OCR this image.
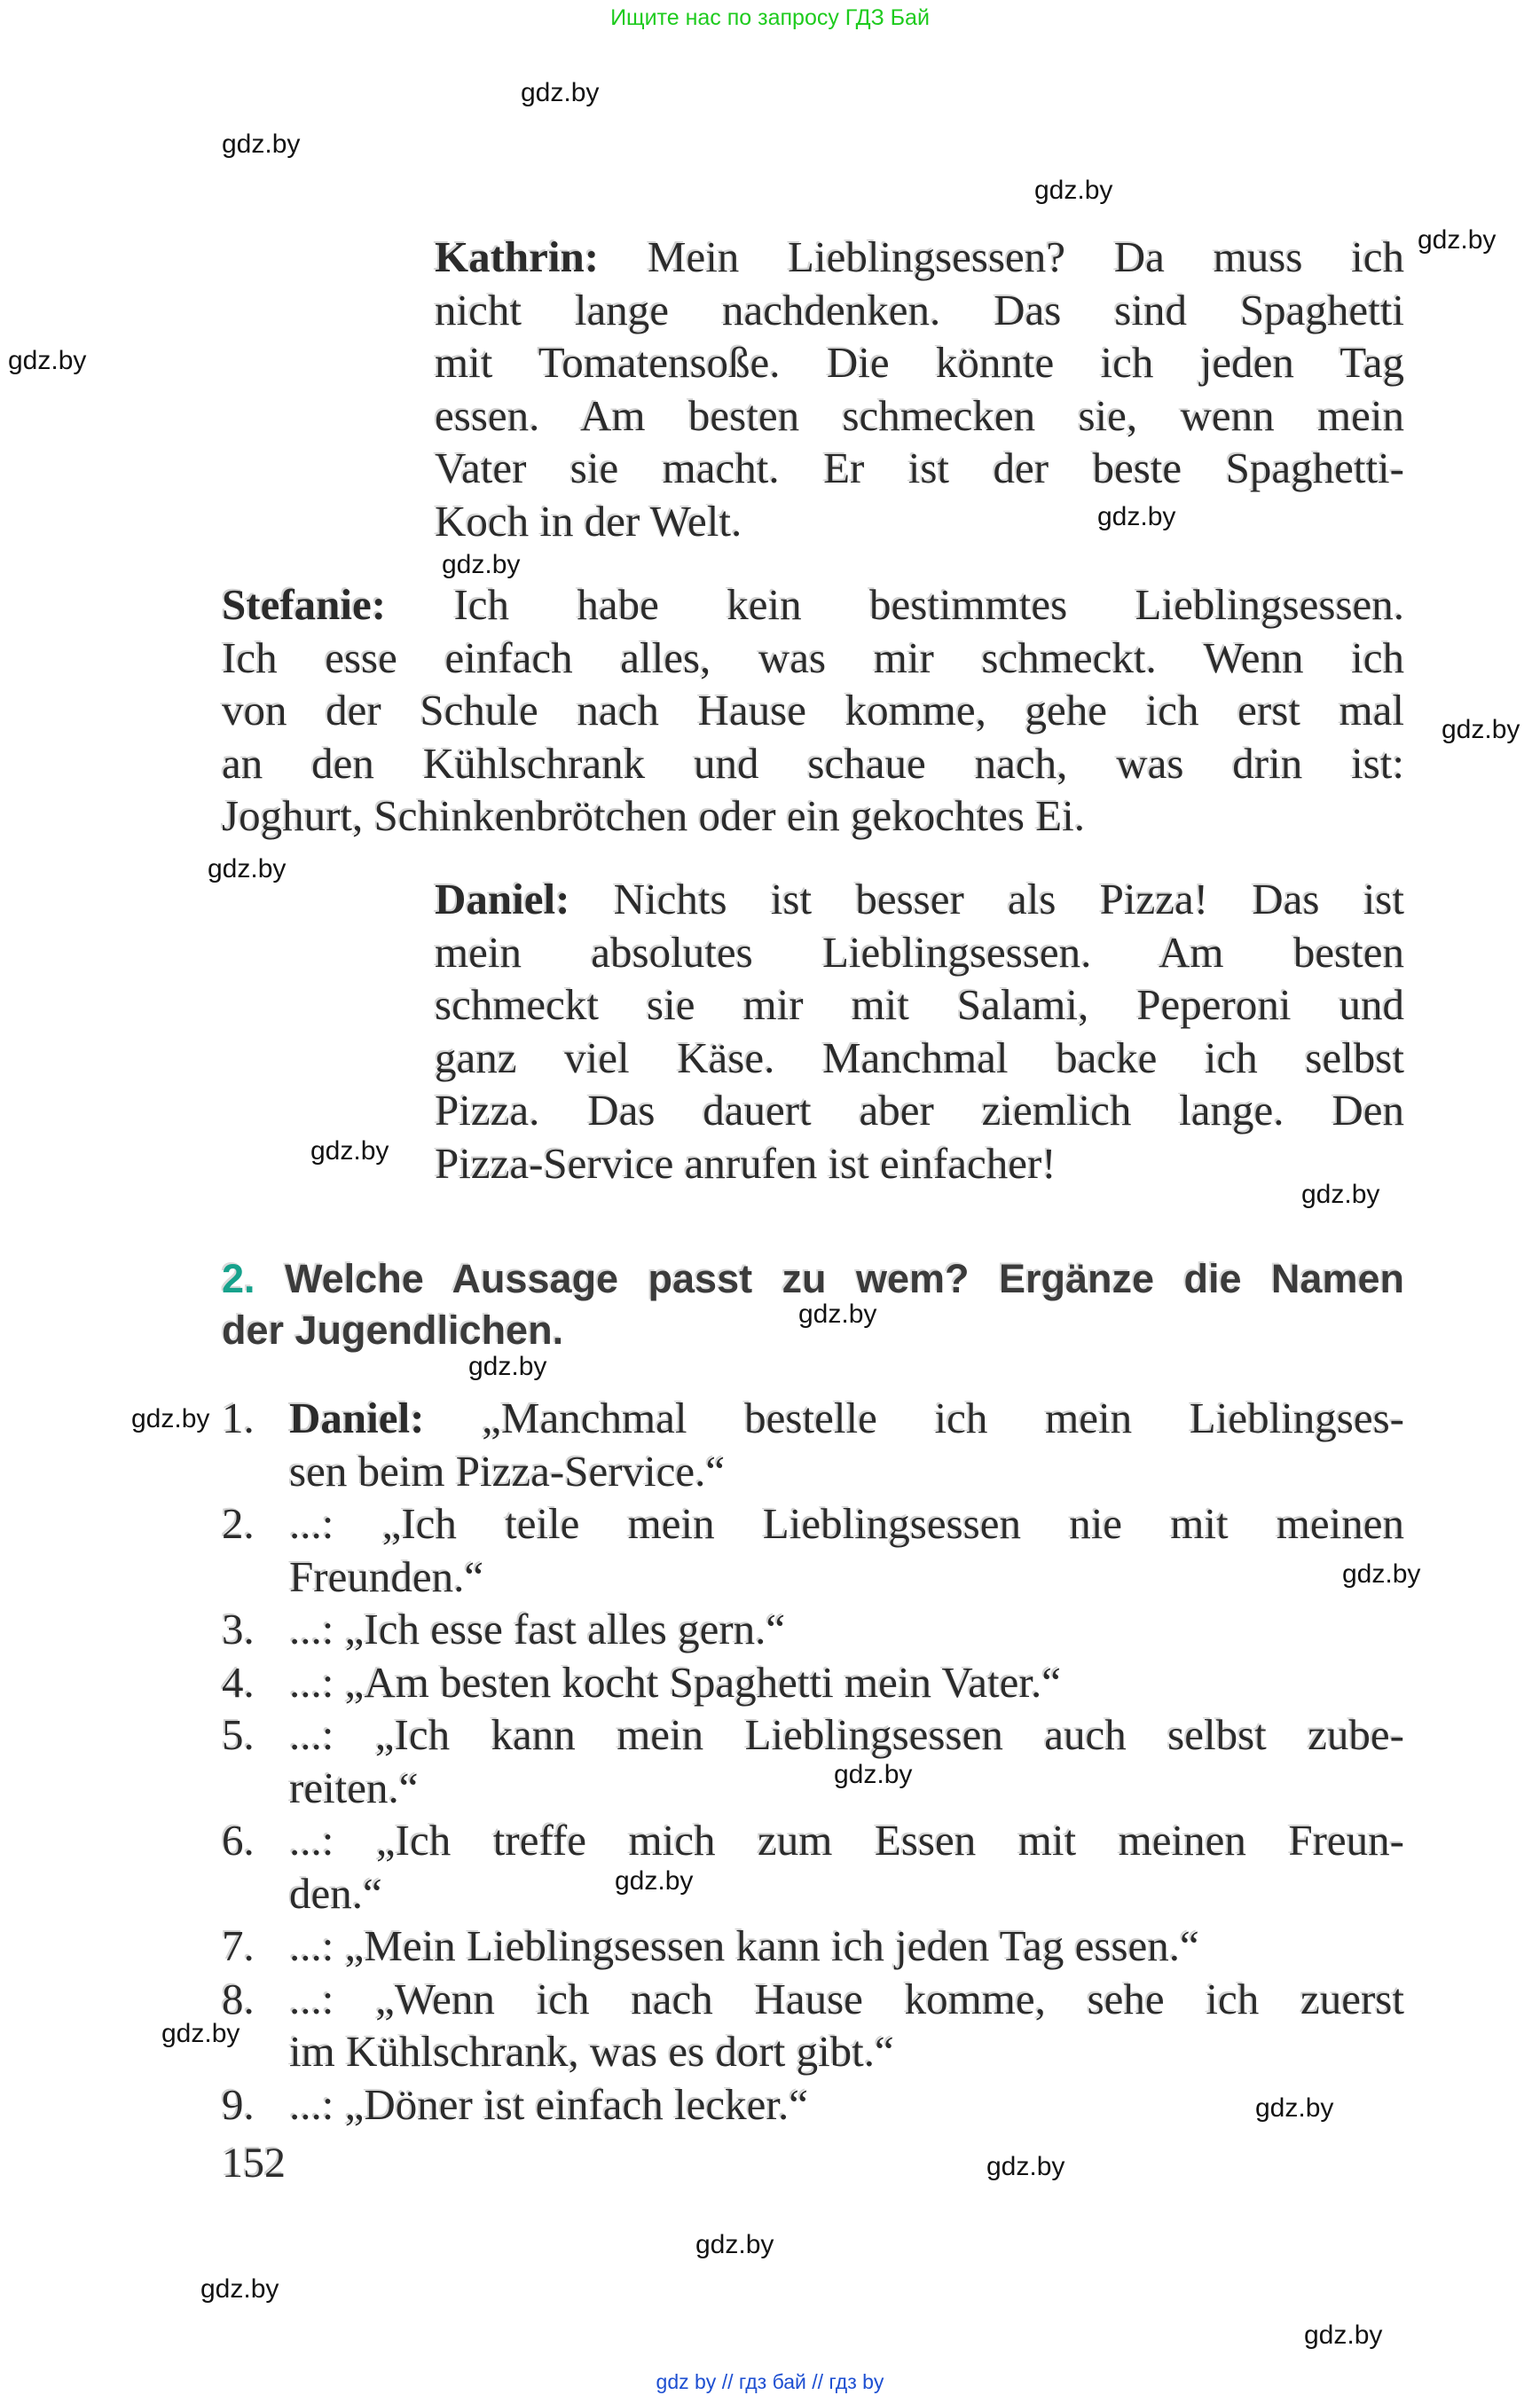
Ищите нас по запросу ГДЗ Бай
gdz.by
gdz.by
gdz.by
gdz.by
gdz.by
gdz.by
gdz.by
gdz.by
gdz.by
gdz.by
gdz.by
gdz.by
gdz.by
gdz.by
gdz.by
gdz.by
gdz.by
gdz.by
gdz.by
gdz.by
gdz.by
gdz.by
gdz.by
Kathrin: Mein Lieblingsessen? Da muss ich
nicht lange nachdenken. Das sind Spaghetti
mit Tomatensoße. Die könnte ich jeden Tag
essen. Am besten schmecken sie, wenn mein
Vater sie macht. Er ist der beste Spaghetti-
Koch in der Welt.
Stefanie: Ich habe kein bestimmtes Lieblingsessen.
Ich esse einfach alles, was mir schmeckt. Wenn ich
von der Schule nach Hause komme, gehe ich erst mal
an den Kühlschrank und schaue nach, was drin ist:
Joghurt, Schinkenbrötchen oder ein gekochtes Ei.
Daniel: Nichts ist besser als Pizza! Das ist
mein absolutes Lieblingsessen. Am besten
schmeckt sie mir mit Salami, Peperoni und
ganz viel Käse. Manchmal backe ich selbst
Pizza. Das dauert aber ziemlich lange. Den
Pizza-Service anrufen ist einfacher!
2. Welche Aussage passt zu wem? Ergänze die Namen
der Jugendlichen.
1. Daniel: „Manchmal bestelle ich mein Lieblingses-
sen beim Pizza-Service.“
2. ...: „Ich teile mein Lieblingsessen nie mit meinen
Freunden.“
3. ...: „Ich esse fast alles gern.“
4. ...: „Am besten kocht Spaghetti mein Vater.“
5. ...: „Ich kann mein Lieblingsessen auch selbst zube-
reiten.“
6. ...: „Ich treffe mich zum Essen mit meinen Freun-
den.“
7. ...: „Mein Lieblingsessen kann ich jeden Tag essen.“
8. ...: „Wenn ich nach Hause komme, sehe ich zuerst
im Kühlschrank, was es dort gibt.“
9. ...: „Döner ist einfach lecker.“
152
gdz by // гдз бай // гдз by
